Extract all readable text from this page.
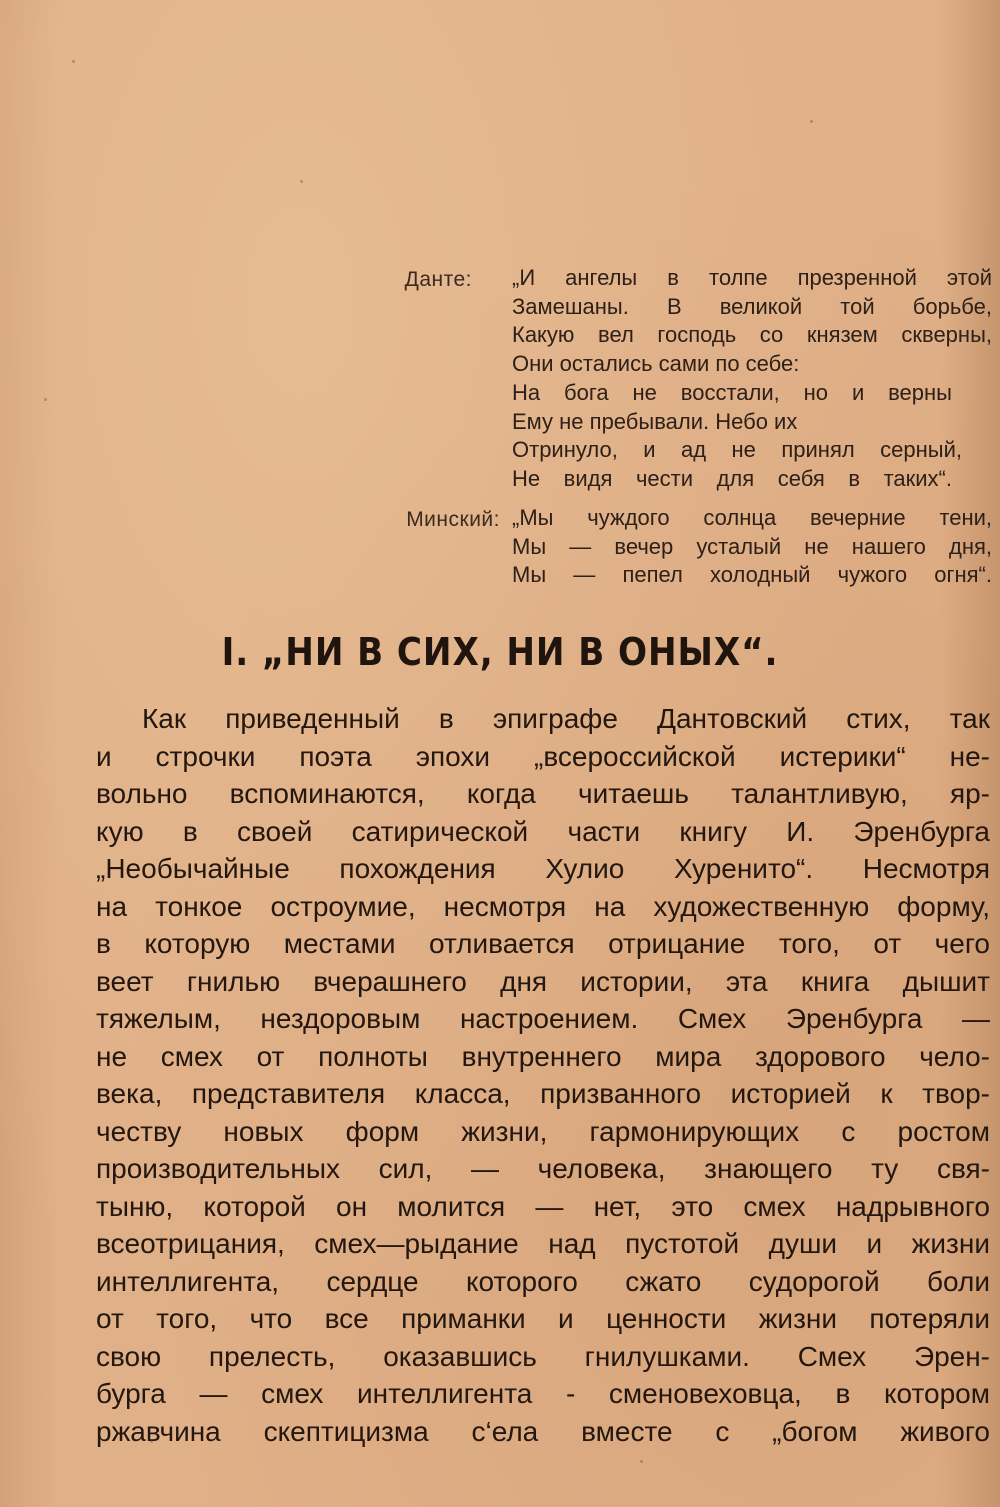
Данте: „И ангелы в толпе презренной этой
Замешаны. В великой той борьбе,
Какую вел господь со князем скверны,
Они остались сами по себе:
На бога не восстали, но и верны
Ему не пребывали. Небо их
Отринуло, и ад не принял серный,
Не видя чести для себя в таких“.
Минский: „Мы чуждого солнца вечерние тени,
Мы — вечер усталый не нашего дня,
Мы — пепел холодный чужого огня“.
I. „НИ В СИХ, НИ В ОНЫХ“.
Как приведенный в эпиграфе Дантовский стих, так
и строчки поэта эпохи „всероссийской истерики“ не-
вольно вспоминаются, когда читаешь талантливую, яр-
кую в своей сатирической части книгу И. Эренбурга
„Необычайные похождения Хулио Хуренито“. Несмотря
на тонкое остроумие, несмотря на художественную форму,
в которую местами отливается отрицание того, от чего
веет гнилью вчерашнего дня истории, эта книга дышит
тяжелым, нездоровым настроением. Смех Эренбурга —
не смех от полноты внутреннего мира здорового чело-
века, представителя класса, призванного историей к твор-
честву новых форм жизни, гармонирующих с ростом
производительных сил, — человека, знающего ту свя-
тыню, которой он молится — нет, это смех надрывного
всеотрицания, смех—рыдание над пустотой души и жизни
интеллигента, сердце которого сжато судорогой боли
от того, что все приманки и ценности жизни потеряли
свою прелесть, оказавшись гнилушками. Смех Эрен-
бурга — смех интеллигента - сменовеховца, в котором
ржавчина скептицизма с‘ела вместе с „богом живого
